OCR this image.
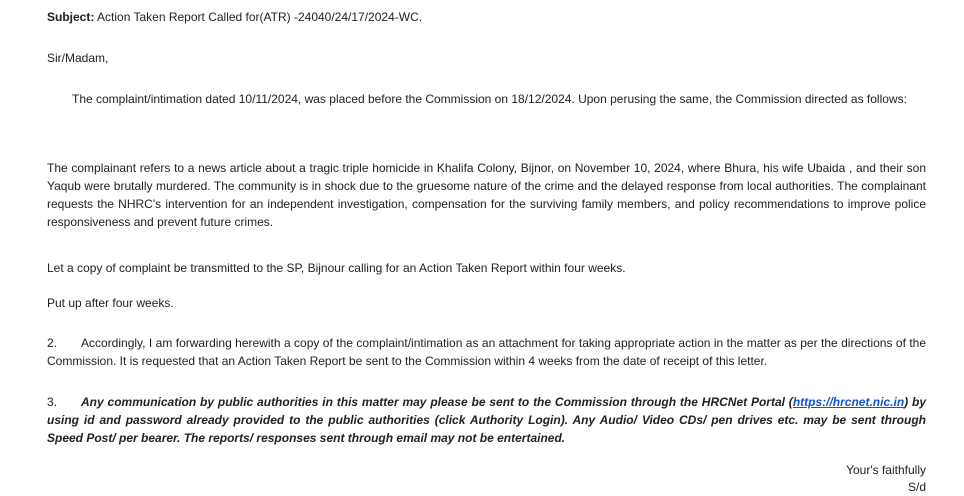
Subject: Action Taken Report Called for(ATR) -24040/24/17/2024-WC.

Sir/Madam,

The complaint/intimation dated 10/11/2024, was placed before the Commission on 18/12/2024. Upon perusing the same, the Commission directed as follows:

The complainant refers to a news article about a tragic triple homicide in Khalifa Colony, Bijnor, on November 10, 2024, where Bhura, his wife Ubaida , and their son Yaqub were brutally murdered. The community is in shock due to the gruesome nature of the crime and the delayed response from local authorities. The complainant requests the NHRC's intervention for an independent investigation, compensation for the surviving family members, and policy recommendations to improve police responsiveness and prevent future crimes.

Let a copy of complaint be transmitted to the SP, Bijnour calling for an Action Taken Report within four weeks.

Put up after four weeks.

2. Accordingly, I am forwarding herewith a copy of the complaint/intimation as an attachment for taking appropriate action in the matter as per the directions of the Commission. It is requested that an Action Taken Report be sent to the Commission within 4 weeks from the date of receipt of this letter.

3. Any communication by public authorities in this matter may please be sent to the Commission through the HRCNet Portal (https://hrcnet.nic.in) by using id and password already provided to the public authorities (click Authority Login). Any Audio/ Video CDs/ pen drives etc. may be sent through Speed Post/ per bearer. The reports/ responses sent through email may not be entertained.

Your's faithfully

S/d
